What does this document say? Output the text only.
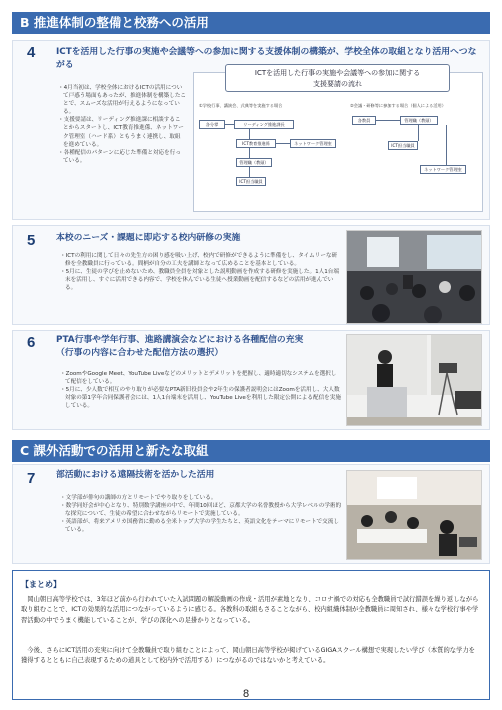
B 推進体制の整備と校務への活用
4 ICTを活用した行事の実施や会議等への参加に関する支援体制の構築が、学校全体の取組となり活用へつながる
・ 4月当初は、学校全体におけるICTの活用について戸惑う場面もあったが、推進体制を構築したことで、スムーズな活用が行えるようになっている。
・ 支援要請は、リーディング推進課に相談することからスタートし、ICT教育推進係、ネットワーク管理室（ハード系）ともうまく連携し、取組を進めている。
・ 各種配信のパターンに応じた準備と対応を行っている。
ICTを活用した行事の実施や会議等への参加に関する
支援要請の流れ
①学校行事、講演会、式典等を実施する場合	②会議・研修等に参加する場合（個人による活用）
各分掌	リーディング推進課長
ICT教育推進係	ネットワーク管理室
管理職（教頭）
ICT担当職員
各教員	管理職（教頭）
ICT担当職員
ネットワーク管理室
5 本校のニーズ・課題に即応する校内研修の実施
・ ICTの利用に関して日々の先生方の困り感を吸い上げ、校内で研修ができるように準備をし、タイムリーな研修を全教職員に行っている。間柄が自分の工夫を講師となって広めることを基本としている。
・ 5月に、生徒の学びを止めないため、教職員全員を対象とした説明動画を作成する研修を実施した。1人1台端末を活用し、すぐに活用できる内容で、学校を休んでいる生徒へ授業動画を配信するなどの活用が進んでいる。
6 PTA行事や学年行事、進路講演会などにおける各種配信の充実
（行事の内容に合わせた配信方法の選択）
・ ZoomやGoogle Meet、YouTube Liveなどのメリットとデメリットを把握し、適時適切なシステムを選択して配信をしている。
・ 5月に、少人数で相互のやり取りが必要なPTA新旧役員会や2年生の保護者説明会にはZoomを活用し、大人数対象の第1学年合同保護者会には、1人1台端末を活用し、YouTube Liveを利用した限定公開による配信を実施している。
C 課外活動での活用と新たな取組
7 部活動における遠隔技術を活かした活用
・ 文学部が俳句の講師の方とリモートでやり取りをしている。
・ 数学同好会が中心となり、特別数学講座の中で、年間10回ほど、京都大学の名誉教授から大学レベルの学術的な探究について、生徒の希望に合わせながらリモートで実施している。
・ 英語部が、将来アメリカ国務省に勤める全米トップ大学の学生たちと、英語文化をテーマにリモートで交流している。
【まとめ】

岡山朝日高等学校では、3年ほど前から行われていた入試問題の解説動画の作成・活用が素地となり、コロナ禍での対応も全教職員で試行錯誤を繰り返しながら取り組むことで、ICTの効果的な活用につながっているように感じる。各教科の取組もさることながら、校内組織体制が全教職員に周知され、様々な学校行事や学習活動の中でうまく機能していることが、学びの深化への足掛かりとなっている。

今後、さらにICT活用の充実に向けて全教職員で取り組むことによって、岡山朝日高等学校が掲げているGIGAスクール構想で実現したい学び（本質的な学力を獲得するとともに自己表現するための道具として校内外で活用する）につながるのではないかと考えている。

8
